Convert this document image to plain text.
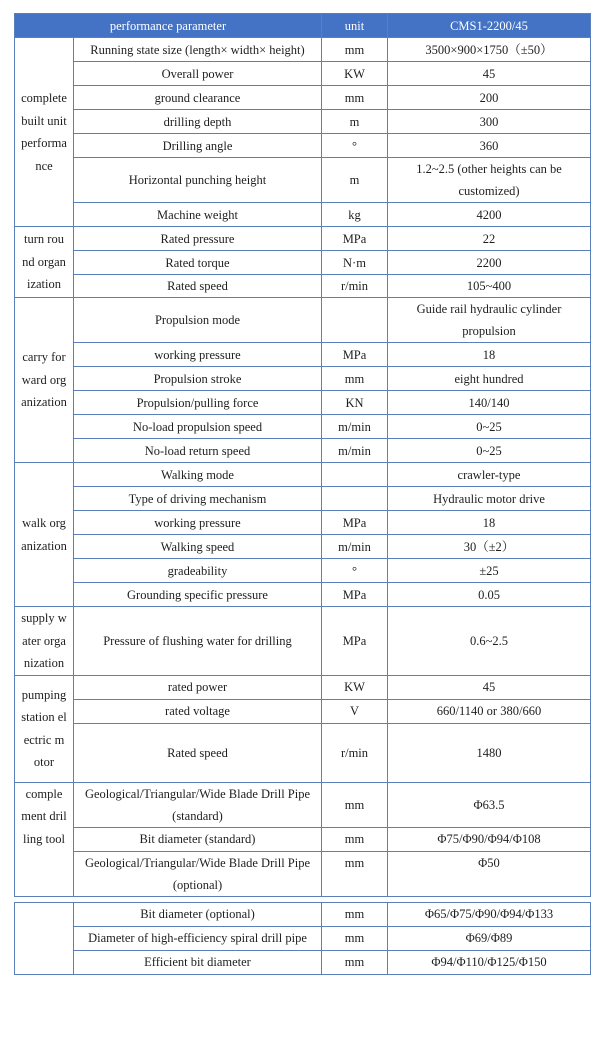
performance parameter		unit	CMS1-2200/45
complete built unit performance	Running state size (length× width× height)	mm	3500×900×1750（±50）
	Overall power	KW	45
	ground clearance	mm	200
	drilling depth	m	300
	Drilling angle	°	360
	Horizontal punching height	m	1.2~2.5 (other heights can be customized)
	Machine weight	kg	4200
turn round organization	Rated pressure	MPa	22
	Rated torque	N·m	2200
	Rated speed	r/min	105~400
carry forward organization	Propulsion mode		Guide rail hydraulic cylinder propulsion
	working pressure	MPa	18
	Propulsion stroke	mm	eight hundred
	Propulsion/pulling force	KN	140/140
	No-load propulsion speed	m/min	0~25
	No-load return speed	m/min	0~25
walk organization	Walking mode		crawler-type
	Type of driving mechanism		Hydraulic motor drive
	working pressure	MPa	18
	Walking speed	m/min	30（±2）
	gradeability	°	±25
	Grounding specific pressure	MPa	0.05
supply water organization	Pressure of flushing water for drilling	MPa	0.6~2.5
pumping station electric motor	rated power	KW	45
	rated voltage	V	660/1140 or 380/660
	Rated speed	r/min	1480
complement drilling tool	Geological/Triangular/Wide Blade Drill Pipe (standard)	mm	Φ63.5
	Bit diameter (standard)	mm	Φ75/Φ90/Φ94/Φ108
	Geological/Triangular/Wide Blade Drill Pipe (optional)	mm	Φ50

	Bit diameter (optional)	mm	Φ65/Φ75/Φ90/Φ94/Φ133
	Diameter of high-efficiency spiral drill pipe	mm	Φ69/Φ89
	Efficient bit diameter	mm	Φ94/Φ110/Φ125/Φ150
